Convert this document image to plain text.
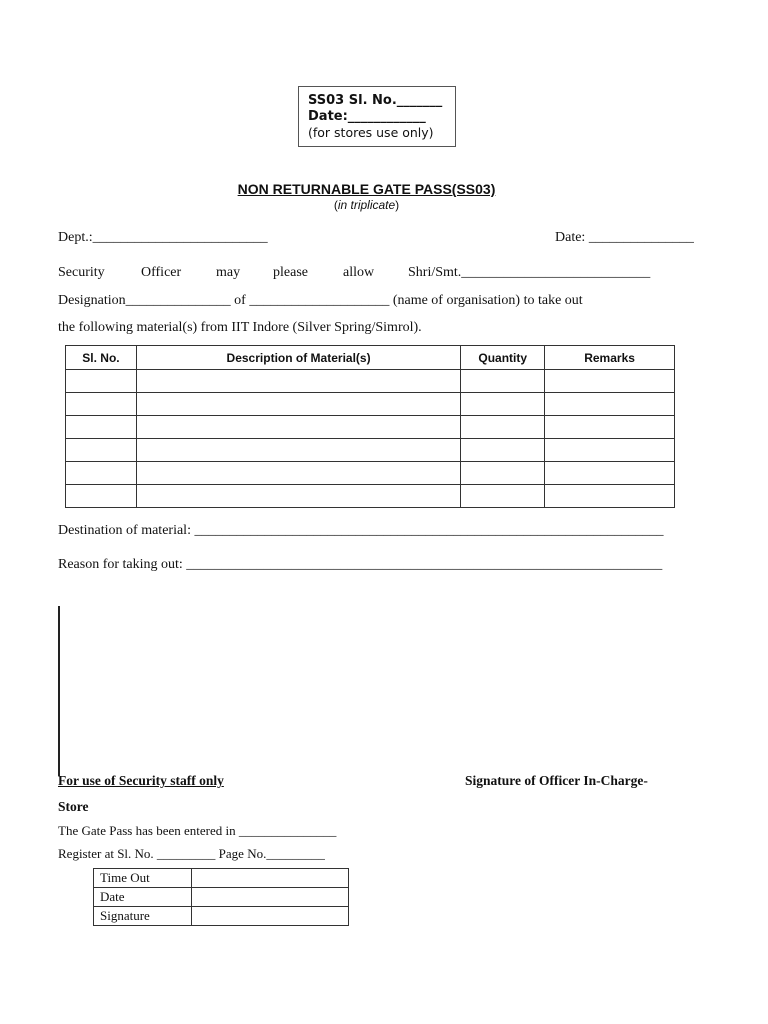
SS03 Sl. No._______
Date:____________
(for stores use only)
NON RETURNABLE GATE PASS(SS03)
(in triplicate)
Dept.:_________________________	Date: _______________
Security	Officer may please	allow Shri/Smt.___________________________
Designation_______________ of ____________________ (name of organisation) to take out
the following material(s) from IIT Indore (Silver Spring/Simrol).
Sl. No.	Description of Material(s)	Quantity	Remarks

Destination of material: ___________________________________________________________________
Reason for taking out: ____________________________________________________________________
For use of Security staff only	Signature of Officer In-Charge-
Store
The Gate Pass has been entered in _______________
Register at Sl. No. _________ Page No._________
Time Out	
Date	
Signature	
